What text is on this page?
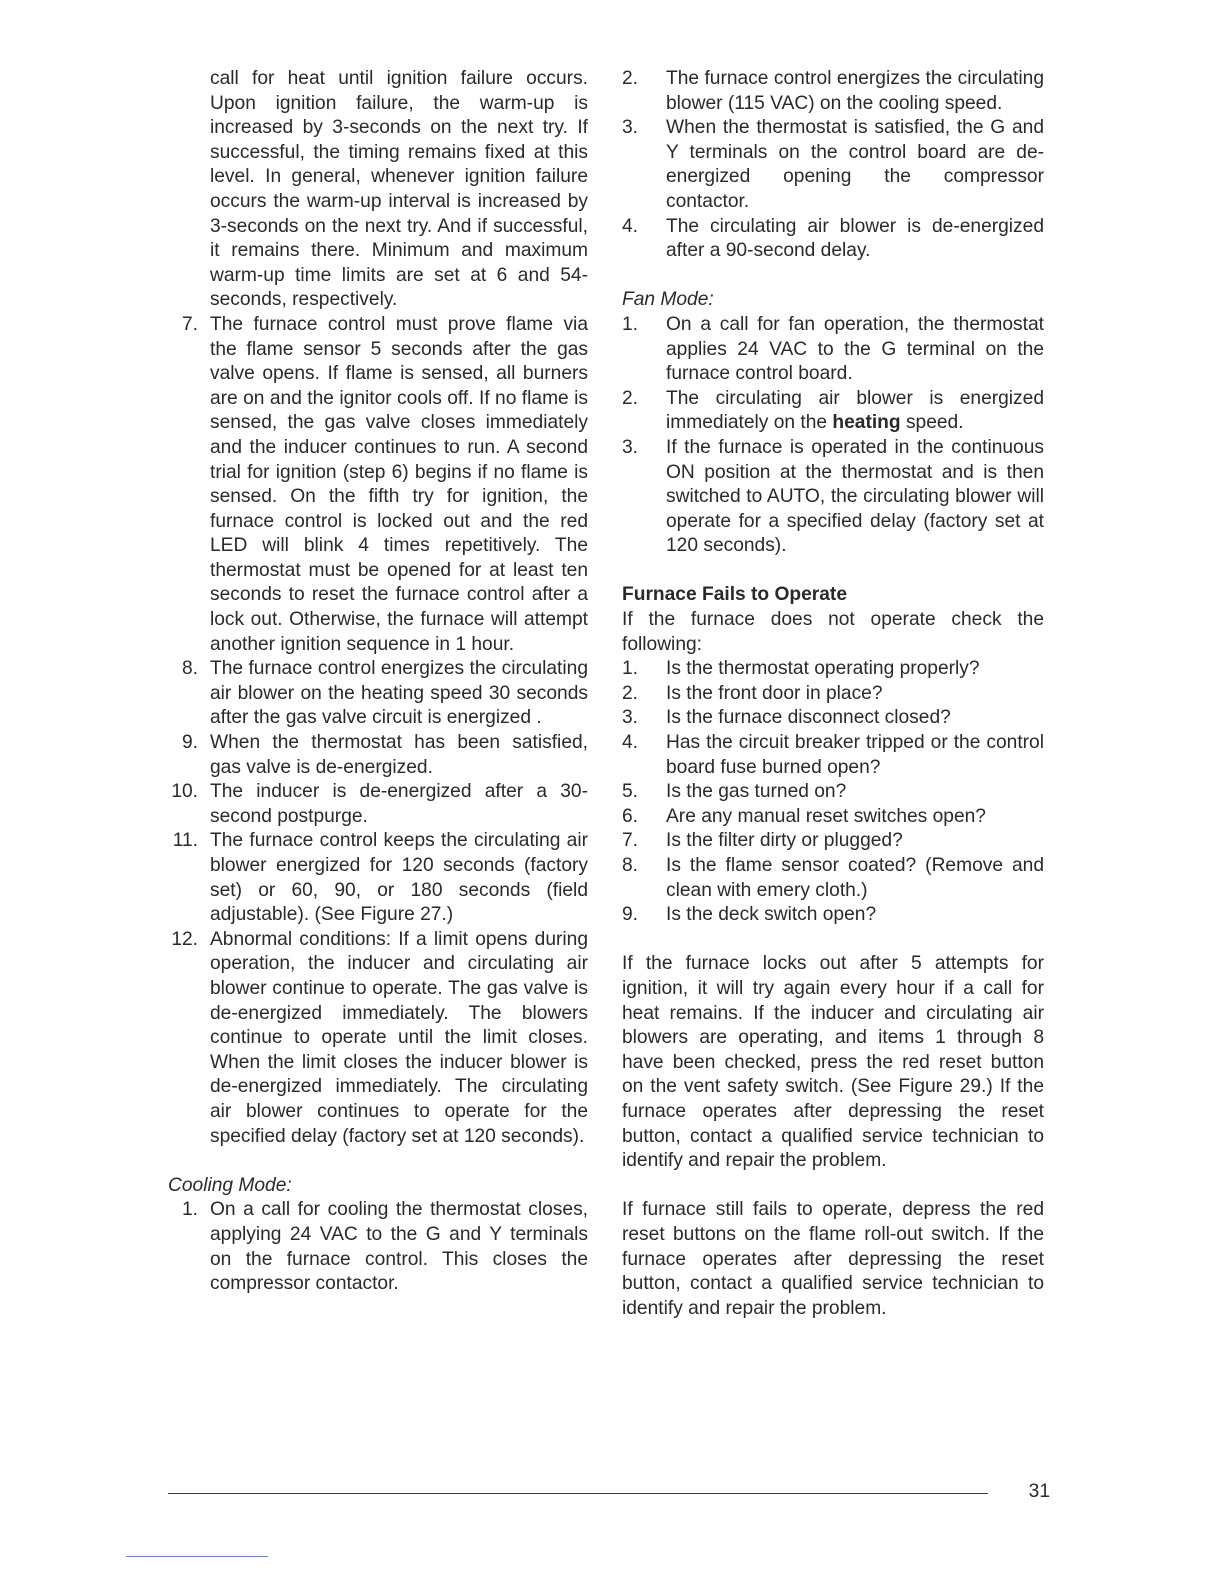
call for heat until ignition failure occurs. Upon ignition failure, the warm-up is increased by 3-seconds on the next try. If successful, the timing remains fixed at this level. In general, whenever ignition failure occurs the warm-up interval is increased by 3-seconds on the next try. And if successful, it remains there. Minimum and maximum warm-up time limits are set at 6 and 54-seconds, respectively.

7. The furnace control must prove flame via the flame sensor 5 seconds after the gas valve opens. If flame is sensed, all burners are on and the ignitor cools off. If no flame is sensed, the gas valve closes immediately and the inducer continues to run. A second trial for ignition (step 6) begins if no flame is sensed. On the fifth try for ignition, the furnace control is locked out and the red LED will blink 4 times repetitively. The thermostat must be opened for at least ten seconds to reset the furnace control after a lock out. Otherwise, the furnace will attempt another ignition sequence in 1 hour.
8. The furnace control energizes the circulating air blower on the heating speed 30 seconds after the gas valve circuit is energized .
9. When the thermostat has been satisfied, gas valve is de-energized.
10. The inducer is de-energized after a 30-second postpurge.
11. The furnace control keeps the circulating air blower energized for 120 seconds (factory set) or 60, 90, or 180 seconds (field adjustable). (See Figure 27.)
12. Abnormal conditions: If a limit opens during operation, the inducer and circulating air blower continue to operate. The gas valve is de-energized immediately. The blowers continue to operate until the limit closes. When the limit closes the inducer blower is de-energized immediately. The circulating air blower continues to operate for the specified delay (factory set at 120 seconds).

Cooling Mode:

1. On a call for cooling the thermostat closes, applying 24 VAC to the G and Y terminals on the furnace control. This closes the compressor contactor.
2. The furnace control energizes the circulating blower (115 VAC) on the cooling speed.
3. When the thermostat is satisfied, the G and Y terminals on the control board are de-energized opening the compressor contactor.
4. The circulating air blower is de-energized after a 90-second delay.

Fan Mode:

1. On a call for fan operation, the thermostat applies 24 VAC to the G terminal on the furnace control board.
2. The circulating air blower is energized immediately on the heating speed.
3. If the furnace is operated in the continuous ON position at the thermostat and is then switched to AUTO, the circulating blower will operate for a specified delay (factory set at 120 seconds).

Furnace Fails to Operate

If the furnace does not operate check the following:

1. Is the thermostat operating properly?
2. Is the front door in place?
3. Is the furnace disconnect closed?
4. Has the circuit breaker tripped or the control board fuse burned open?
5. Is the gas turned on?
6. Are any manual reset switches open?
7. Is the filter dirty or plugged?
8. Is the flame sensor coated? (Remove and clean with emery cloth.)
9. Is the deck switch open?

If the furnace locks out after 5 attempts for ignition, it will try again every hour if a call for heat remains. If the inducer and circulating air blowers are operating, and items 1 through 8 have been checked, press the red reset button on the vent safety switch. (See Figure 29.) If the furnace operates after depressing the reset button, contact a qualified service technician to identify and repair the problem.

If furnace still fails to operate, depress the red reset buttons on the flame roll-out switch. If the furnace operates after depressing the reset button, contact a qualified service technician to identify and repair the problem.

31
